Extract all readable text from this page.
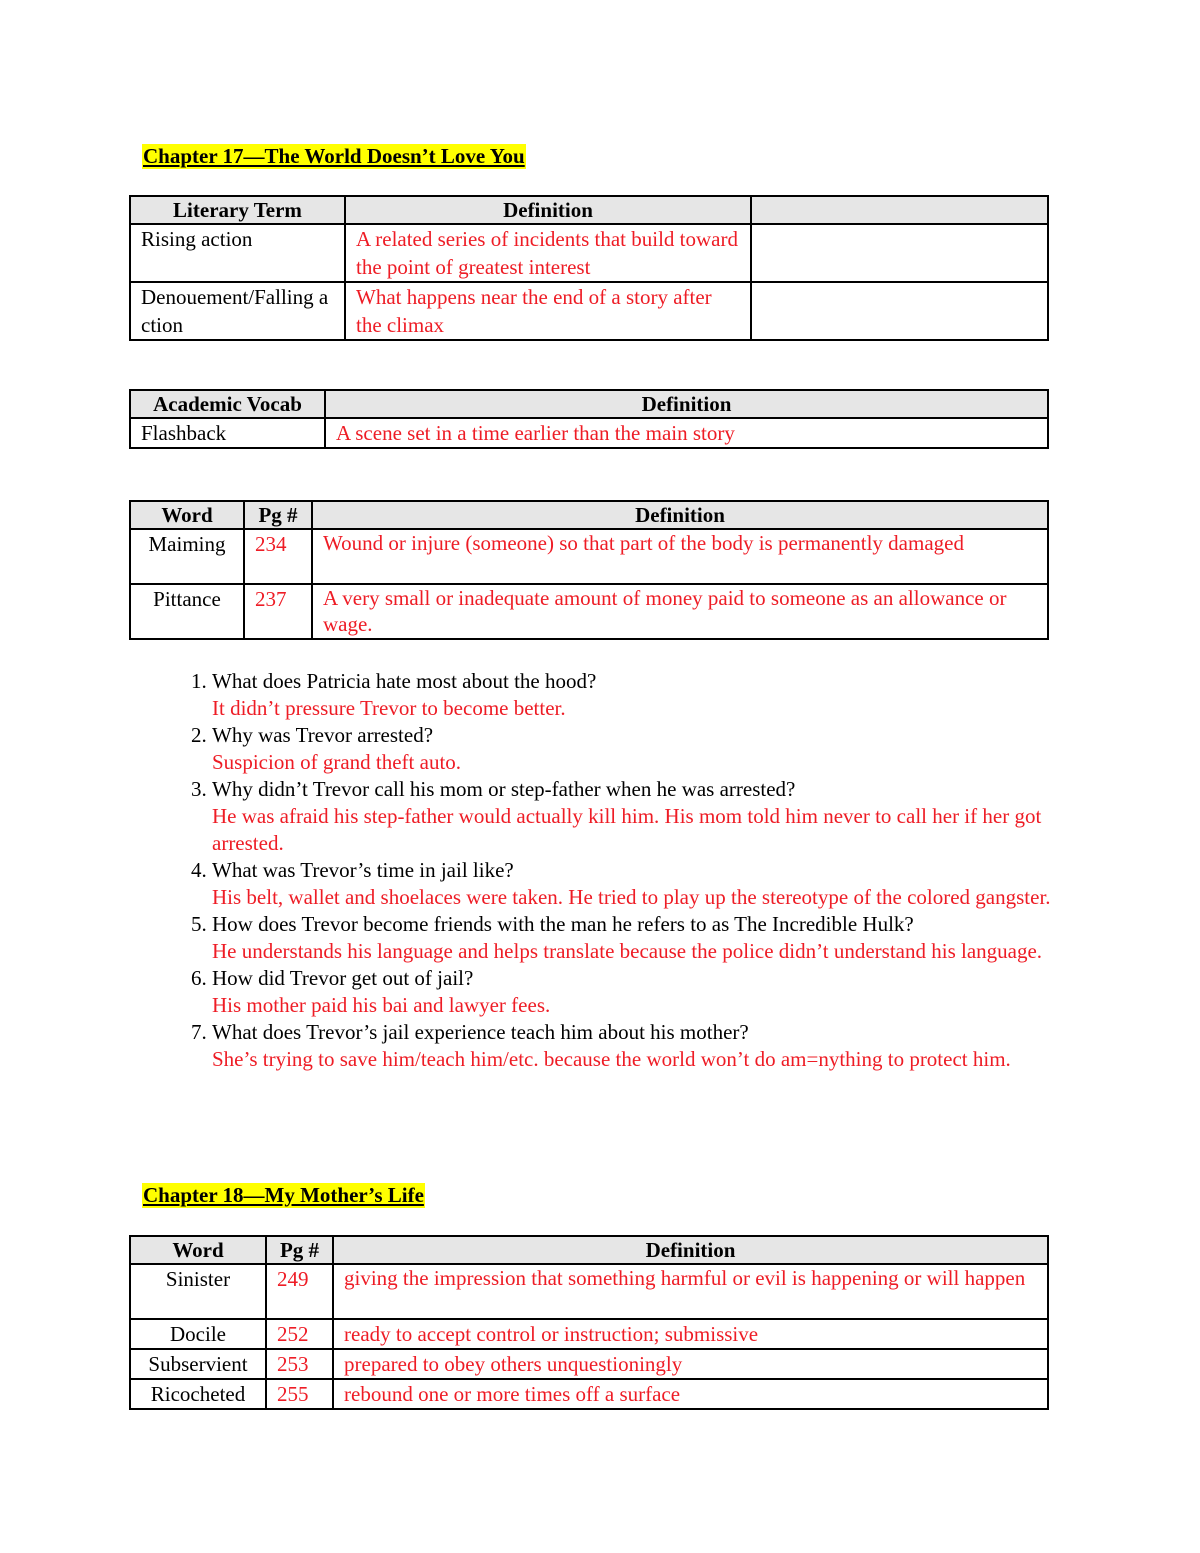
Chapter 17—The World Doesn’t Love You
Literary Term	Definition	
Rising action	A related series of incidents that build toward the point of greatest interest	
Denouement/Falling action	What happens near the end of a story after the climax	
Academic Vocab	Definition
Flashback	A scene set in a time earlier than the main story
Word	Pg #	Definition
Maiming	234	Wound or injure (someone) so that part of the body is permanently damaged
Pittance	237	A very small or inadequate amount of money paid to someone as an allowance or wage.
1. What does Patricia hate most about the hood?
It didn’t pressure Trevor to become better.
2. Why was Trevor arrested?
Suspicion of grand theft auto.
3. Why didn’t Trevor call his mom or step-father when he was arrested?
He was afraid his step-father would actually kill him. His mom told him never to call her if her got arrested.
4. What was Trevor’s time in jail like?
His belt, wallet and shoelaces were taken. He tried to play up the stereotype of the colored gangster.
5. How does Trevor become friends with the man he refers to as The Incredible Hulk?
He understands his language and helps translate because the police didn’t understand his language.
6. How did Trevor get out of jail?
His mother paid his bai and lawyer fees.
7. What does Trevor’s jail experience teach him about his mother?
She’s trying to save him/teach him/etc. because the world won’t do am=nything to protect him.
Chapter 18—My Mother’s Life
Word	Pg #	Definition
Sinister	249	giving the impression that something harmful or evil is happening or will happen
Docile	252	ready to accept control or instruction; submissive
Subservient	253	prepared to obey others unquestioningly
Ricocheted	255	rebound one or more times off a surface
